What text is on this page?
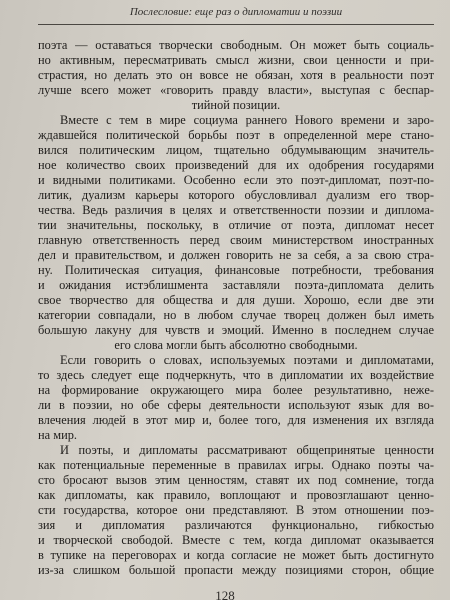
Послесловие: еще раз о дипломатии и поэзии
поэта — оставаться творчески свободным. Он может быть социаль-
но активным, пересматривать смысл жизни, свои ценности и при-
страстия, но делать это он вовсе не обязан, хотя в реальности поэт
лучше всего может «говорить правду власти», выступая с беспар-
тийной позиции.
Вместе с тем в мире социума раннего Нового времени и заро-
ждавшейся политической борьбы поэт в определенной мере стано-
вился политическим лицом, тщательно обдумывающим значитель-
ное количество своих произведений для их одобрения государями
и видными политиками. Особенно если это поэт-дипломат, поэт-по-
литик, дуализм карьеры которого обусловливал дуализм его твор-
чества. Ведь различия в целях и ответственности поэзии и диплома-
тии значительны, поскольку, в отличие от поэта, дипломат несет
главную ответственность перед своим министерством иностранных
дел и правительством, и должен говорить не за себя, а за свою стра-
ну. Политическая ситуация, финансовые потребности, требования
и ожидания истэблишмента заставляли поэта-дипломата делить
свое творчество для общества и для души. Хорошо, если две эти
категории совпадали, но в любом случае творец должен был иметь
большую лакуну для чувств и эмоций. Именно в последнем случае
его слова могли быть абсолютно свободными.
Если говорить о словах, используемых поэтами и дипломатами,
то здесь следует еще подчеркнуть, что в дипломатии их воздействие
на формирование окружающего мира более результативно, нежe-
ли в поэзии, но обе сферы деятельности используют язык для во-
влечения людей в этот мир и, более того, для изменения их взгляда
на мир.
И поэты, и дипломаты рассматривают общепринятые ценности
как потенциальные переменные в правилах игры. Однако поэты ча-
сто бросают вызов этим ценностям, ставят их под сомнение, тогда
как дипломаты, как правило, воплощают и провозглашают ценно-
сти государства, которое они представляют. В этом отношении поэ-
зия и дипломатия различаются функционально, гибкостью
и творческой свободой. Вместе с тем, когда дипломат оказывается
в тупике на переговорах и когда согласие не может быть достигнуто
из-за слишком большой пропасти между позициями сторон, общие
128
